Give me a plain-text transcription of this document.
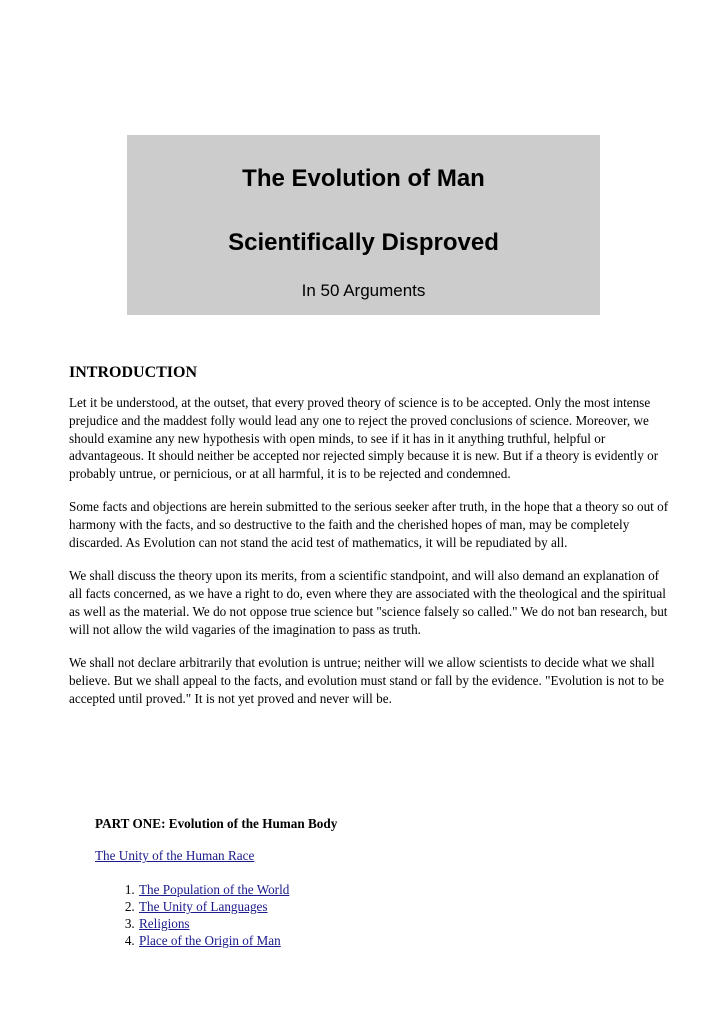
The Evolution of Man
Scientifically Disproved
In 50 Arguments
INTRODUCTION

Let it be understood, at the outset, that every proved theory of science is to be accepted. Only the most intense prejudice and the maddest folly would lead any one to reject the proved conclusions of science. Moreover, we should examine any new hypothesis with open minds, to see if it has in it anything truthful, helpful or advantageous. It should neither be accepted nor rejected simply because it is new. But if a theory is evidently or probably untrue, or pernicious, or at all harmful, it is to be rejected and condemned.

Some facts and objections are herein submitted to the serious seeker after truth, in the hope that a theory so out of harmony with the facts, and so destructive to the faith and the cherished hopes of man, may be completely discarded. As Evolution can not stand the acid test of mathematics, it will be repudiated by all.

We shall discuss the theory upon its merits, from a scientific standpoint, and will also demand an explanation of all facts concerned, as we have a right to do, even where they are associated with the theological and the spiritual as well as the material. We do not oppose true science but "science falsely so called." We do not ban research, but will not allow the wild vagaries of the imagination to pass as truth.

We shall not declare arbitrarily that evolution is untrue; neither will we allow scientists to decide what we shall believe. But we shall appeal to the facts, and evolution must stand or fall by the evidence. "Evolution is not to be accepted until proved." It is not yet proved and never will be.

PART ONE: Evolution of the Human Body
The Unity of the Human Race
1. The Population of the World
2. The Unity of Languages
3. Religions
4. Place of the Origin of Man
